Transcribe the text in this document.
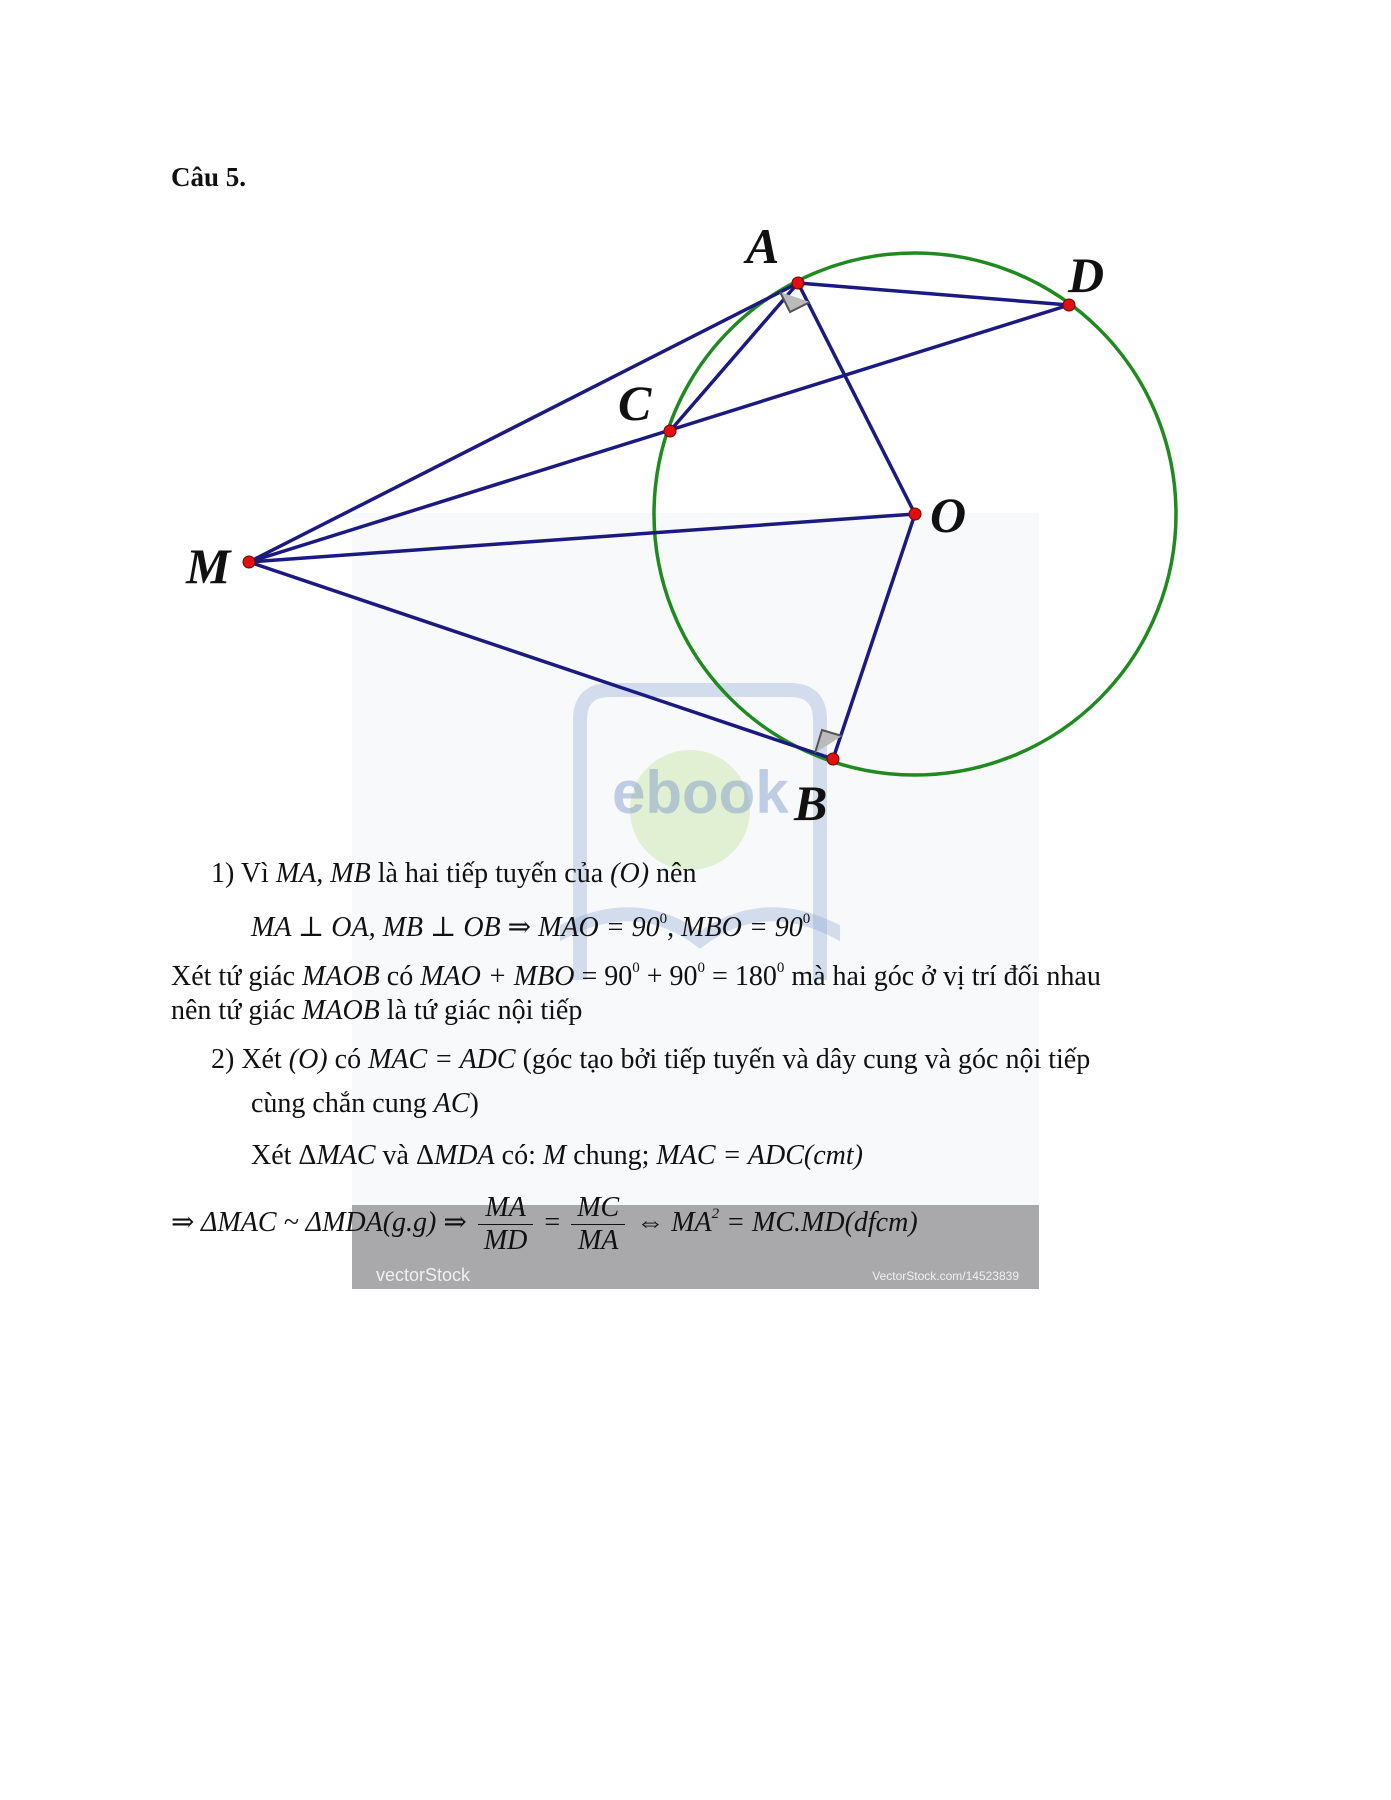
ebook
Câu 5.
A
D
C
O
M
B
1) Vì MA, MB là hai tiếp tuyến của (O) nên
MA ⊥ OA, MB ⊥ OB ⇒ MAO = $90^0$, MBO = $90^0$
Xét tứ giác MAOB có MAO + MBO = $90^0 + 90^0 = 180^0$ mà hai góc ở vị trí đối nhau
nên tứ giác MAOB là tứ giác nội tiếp
2) Xét (O) có MAC = ADC (góc tạo bởi tiếp tuyến và dây cung và góc nội tiếp
cùng chắn cung AC)
Xét ΔMAC và ΔMDA có: M chung; MAC = ADC(cmt)
vectorStock	VectorStock.com/14523839
⇒ ΔMAC ~ ΔMDA(g.g) ⇒ $\frac{MA}{MD} = \frac{MC}{MA}$ ⇔ $MA^2$ = MC.MD(dfcm)
